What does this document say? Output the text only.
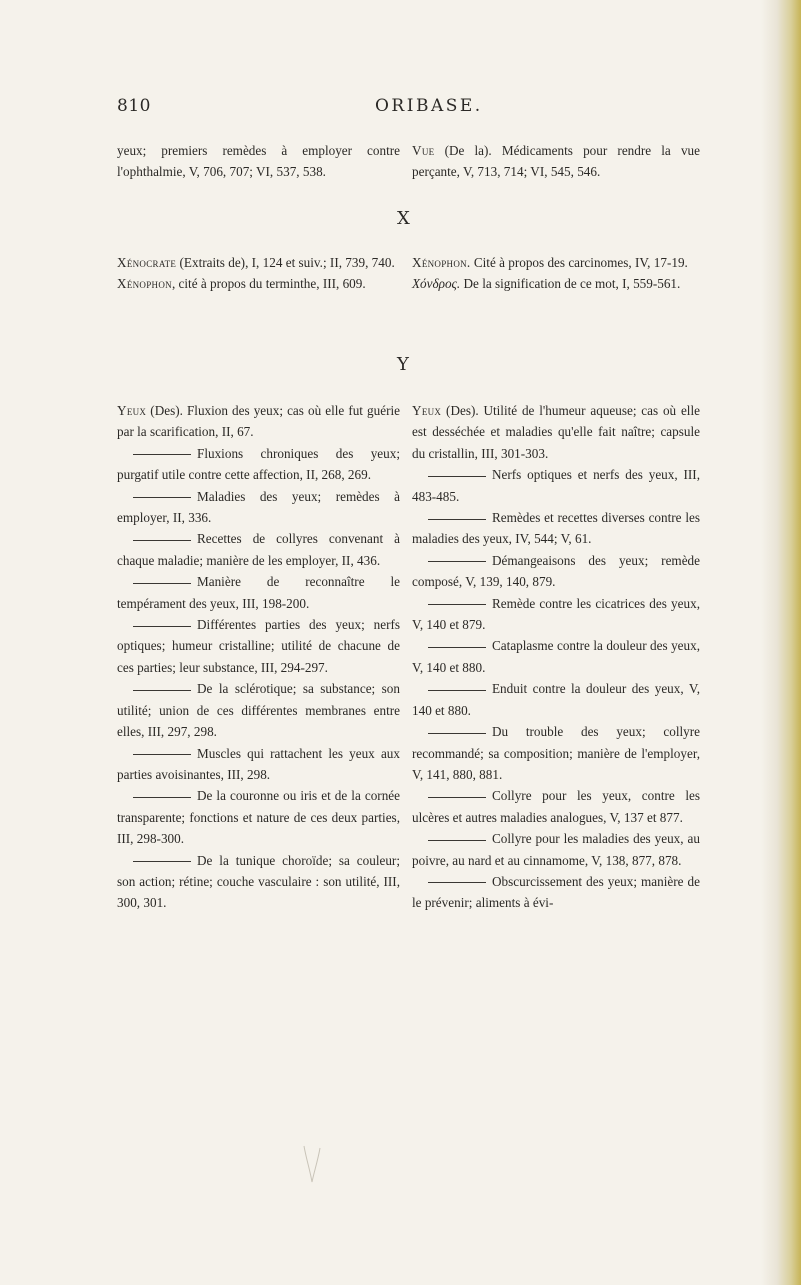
810	ORIBASE.
yeux; premiers remèdes à employer contre l'ophthalmie, V, 706, 707; VI, 537, 538.
Vue (De la). Médicaments pour rendre la vue perçante, V, 713, 714; VI, 545, 546.
X
Xénocrate (Extraits de), I, 124 et suiv.; II, 739, 740.
Xénophon, cité à propos du terminthe, III, 609.
Xénophon. Cité à propos des carcinomes, IV, 17-19.
Xόνδρος. De la signification de ce mot, I, 559-561.
Y
Yeux (Des). Fluxion des yeux; cas où elle fut guérie par la scarification, II, 67.
Fluxions chroniques des yeux; purgatif utile contre cette affection, II, 268, 269.
Maladies des yeux; remèdes à employer, II, 336.
Recettes de collyres convenant à chaque maladie; manière de les employer, II, 436.
Manière de reconnaître le tempérament des yeux, III, 198-200.
Différentes parties des yeux; nerfs optiques; humeur cristalline; utilité de chacune de ces parties; leur substance, III, 294-297.
De la sclérotique; sa substance; son utilité; union de ces différentes membranes entre elles, III, 297, 298.
Muscles qui rattachent les yeux aux parties avoisinantes, III, 298.
De la couronne ou iris et de la cornée transparente; fonctions et nature de ces deux parties, III, 298-300.
De la tunique choroïde; sa couleur; son action; rétine; couche vasculaire : son utilité, III, 300, 301.
Yeux (Des). Utilité de l'humeur aqueuse; cas où elle est desséchée et maladies qu'elle fait naître; capsule du cristallin, III, 301-303.
Nerfs optiques et nerfs des yeux, III, 483-485.
Remèdes et recettes diverses contre les maladies des yeux, IV, 544; V, 61.
Démangeaisons des yeux; remède composé, V, 139, 140, 879.
Remède contre les cicatrices des yeux, V, 140 et 879.
Cataplasme contre la douleur des yeux, V, 140 et 880.
Enduit contre la douleur des yeux, V, 140 et 880.
Du trouble des yeux; collyre recommandé; sa composition; manière de l'employer, V, 141, 880, 881.
Collyre pour les yeux, contre les ulcères et autres maladies analogues, V, 137 et 877.
Collyre pour les maladies des yeux, au poivre, au nard et au cinnamome, V, 138, 877, 878.
Obscurcissement des yeux; manière de le prévenir; aliments à évi-
